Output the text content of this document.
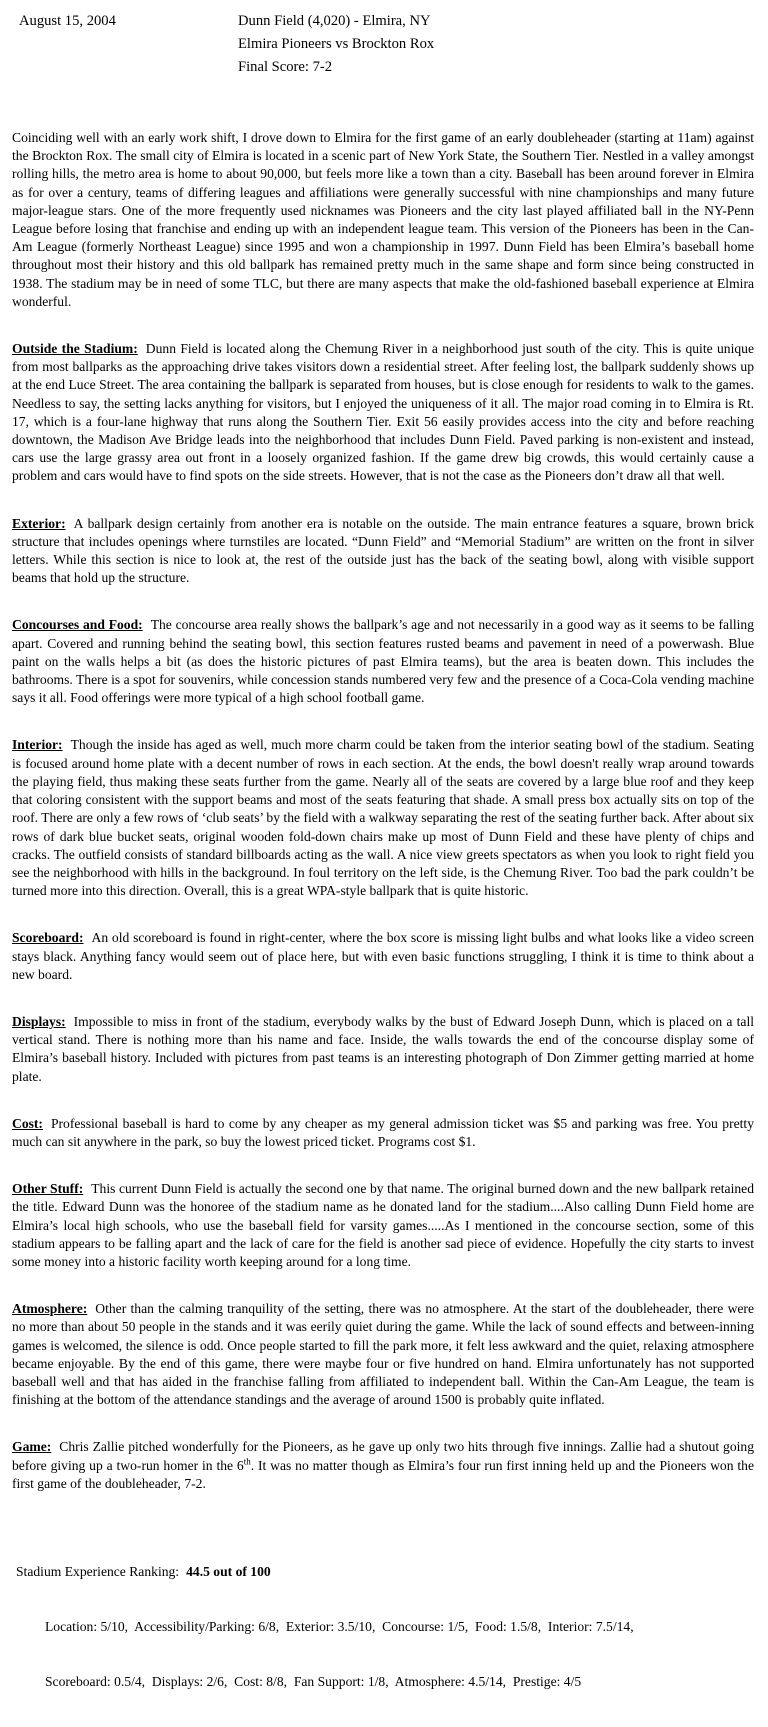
August 15, 2004	Dunn Field (4,020) - Elmira, NY
Elmira Pioneers vs Brockton Rox
Final Score: 7-2

Coinciding well with an early work shift, I drove down to Elmira for the first game of an early doubleheader (starting at 11am) against the Brockton Rox. The small city of Elmira is located in a scenic part of New York State, the Southern Tier. Nestled in a valley amongst rolling hills, the metro area is home to about 90,000, but feels more like a town than a city. Baseball has been around forever in Elmira as for over a century, teams of differing leagues and affiliations were generally successful with nine championships and many future major-league stars. One of the more frequently used nicknames was Pioneers and the city last played affiliated ball in the NY-Penn League before losing that franchise and ending up with an independent league team. This version of the Pioneers has been in the Can-Am League (formerly Northeast League) since 1995 and won a championship in 1997. Dunn Field has been Elmira’s baseball home throughout most their history and this old ballpark has remained pretty much in the same shape and form since being constructed in 1938. The stadium may be in need of some TLC, but there are many aspects that make the old-fashioned baseball experience at Elmira wonderful.

Outside the Stadium: Dunn Field is located along the Chemung River in a neighborhood just south of the city. This is quite unique from most ballparks as the approaching drive takes visitors down a residential street. After feeling lost, the ballpark suddenly shows up at the end Luce Street. The area containing the ballpark is separated from houses, but is close enough for residents to walk to the games. Needless to say, the setting lacks anything for visitors, but I enjoyed the uniqueness of it all. The major road coming in to Elmira is Rt. 17, which is a four-lane highway that runs along the Southern Tier. Exit 56 easily provides access into the city and before reaching downtown, the Madison Ave Bridge leads into the neighborhood that includes Dunn Field. Paved parking is non-existent and instead, cars use the large grassy area out front in a loosely organized fashion. If the game drew big crowds, this would certainly cause a problem and cars would have to find spots on the side streets. However, that is not the case as the Pioneers don’t draw all that well.

Exterior: A ballpark design certainly from another era is notable on the outside. The main entrance features a square, brown brick structure that includes openings where turnstiles are located. “Dunn Field” and “Memorial Stadium” are written on the front in silver letters. While this section is nice to look at, the rest of the outside just has the back of the seating bowl, along with visible support beams that hold up the structure.

Concourses and Food: The concourse area really shows the ballpark’s age and not necessarily in a good way as it seems to be falling apart. Covered and running behind the seating bowl, this section features rusted beams and pavement in need of a powerwash. Blue paint on the walls helps a bit (as does the historic pictures of past Elmira teams), but the area is beaten down. This includes the bathrooms. There is a spot for souvenirs, while concession stands numbered very few and the presence of a Coca-Cola vending machine says it all. Food offerings were more typical of a high school football game.

Interior: Though the inside has aged as well, much more charm could be taken from the interior seating bowl of the stadium. Seating is focused around home plate with a decent number of rows in each section. At the ends, the bowl doesn't really wrap around towards the playing field, thus making these seats further from the game. Nearly all of the seats are covered by a large blue roof and they keep that coloring consistent with the support beams and most of the seats featuring that shade. A small press box actually sits on top of the roof. There are only a few rows of ‘club seats’ by the field with a walkway separating the rest of the seating further back. After about six rows of dark blue bucket seats, original wooden fold-down chairs make up most of Dunn Field and these have plenty of chips and cracks. The outfield consists of standard billboards acting as the wall. A nice view greets spectators as when you look to right field you see the neighborhood with hills in the background. In foul territory on the left side, is the Chemung River. Too bad the park couldn’t be turned more into this direction. Overall, this is a great WPA-style ballpark that is quite historic.

Scoreboard: An old scoreboard is found in right-center, where the box score is missing light bulbs and what looks like a video screen stays black. Anything fancy would seem out of place here, but with even basic functions struggling, I think it is time to think about a new board.

Displays: Impossible to miss in front of the stadium, everybody walks by the bust of Edward Joseph Dunn, which is placed on a tall vertical stand. There is nothing more than his name and face. Inside, the walls towards the end of the concourse display some of Elmira’s baseball history. Included with pictures from past teams is an interesting photograph of Don Zimmer getting married at home plate.

Cost: Professional baseball is hard to come by any cheaper as my general admission ticket was $5 and parking was free. You pretty much can sit anywhere in the park, so buy the lowest priced ticket. Programs cost $1.

Other Stuff: This current Dunn Field is actually the second one by that name. The original burned down and the new ballpark retained the title. Edward Dunn was the honoree of the stadium name as he donated land for the stadium....Also calling Dunn Field home are Elmira’s local high schools, who use the baseball field for varsity games.....As I mentioned in the concourse section, some of this stadium appears to be falling apart and the lack of care for the field is another sad piece of evidence. Hopefully the city starts to invest some money into a historic facility worth keeping around for a long time.

Atmosphere: Other than the calming tranquility of the setting, there was no atmosphere. At the start of the doubleheader, there were no more than about 50 people in the stands and it was eerily quiet during the game. While the lack of sound effects and between-inning games is welcomed, the silence is odd. Once people started to fill the park more, it felt less awkward and the quiet, relaxing atmosphere became enjoyable. By the end of this game, there were maybe four or five hundred on hand. Elmira unfortunately has not supported baseball well and that has aided in the franchise falling from affiliated to independent ball. Within the Can-Am League, the team is finishing at the bottom of the attendance standings and the average of around 1500 is probably quite inflated.

Game: Chris Zallie pitched wonderfully for the Pioneers, as he gave up only two hits through five innings. Zallie had a shutout going before giving up a two-run homer in the 6th. It was no matter though as Elmira’s four run first inning held up and the Pioneers won the first game of the doubleheader, 7-2.

Stadium Experience Ranking: 44.5 out of 100

Location: 5/10,  Accessibility/Parking: 6/8,  Exterior: 3.5/10,  Concourse: 1/5,  Food: 1.5/8,  Interior: 7.5/14,

Scoreboard: 0.5/4,  Displays: 2/6,  Cost: 8/8,  Fan Support: 1/8,  Atmosphere: 4.5/14,  Prestige: 4/5
